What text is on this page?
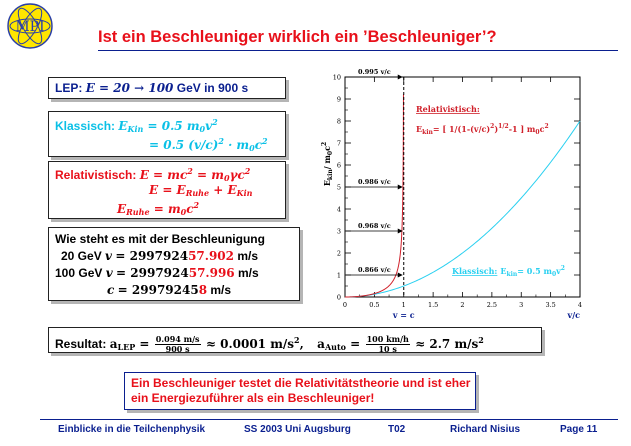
MPI
Ist ein Beschleuniger wirklich ein ’Beschleuniger’?
LEP: E = 20 → 100 GeV in 900 s
Klassisch: $E_{Kin} = 0.5$ $m_0v^2$
= 0.5 $(v/c)^2 \cdot m_0c^2$
Relativistisch: $E = mc^2 = m_0\gamma c^2$
$E = E_{Ruhe} + E_{Kin}$
$E_{Ruhe} = m_0c^2$
Wie steht es mit der Beschleunigung
20 GeV v = 299792457.902 m/s
100 GeV v = 299792457.996 m/s
c = 299792458 m/s
Resultat: $a_{LEP} = \frac{0.094 m/s}{900 s} \approx 0.0001$ $m/s^2$, $a_{Auto} = \frac{100 km/h}{10 s} \approx 2.7$ $m/s^2$
Ein Beschleuniger testet die Relativitätstheorie und ist eher ein Energiezuführer als ein Beschleuniger!
Einblicke in die Teilchenphysik	SS 2003 Uni Augsburg	T02	Richard Nisius	Page 11
0	0.5	1	1.5	2	2.5	3	3.5	4
0
1
2
3
4
5
6
7
8
9
10
0.995 v/c
0.986 v/c
0.968 v/c
0.866 v/c
$E_{kin}/$ $m_0c^2$
v/c
v = c
Relativistisch:
$E_{kin}=$ [ $1/(1-(v/c)^2)^{1/2}-1$ ] $m_0c^2$
Klassisch: $E_{kin}= 0.5$ $m_0v^2$
